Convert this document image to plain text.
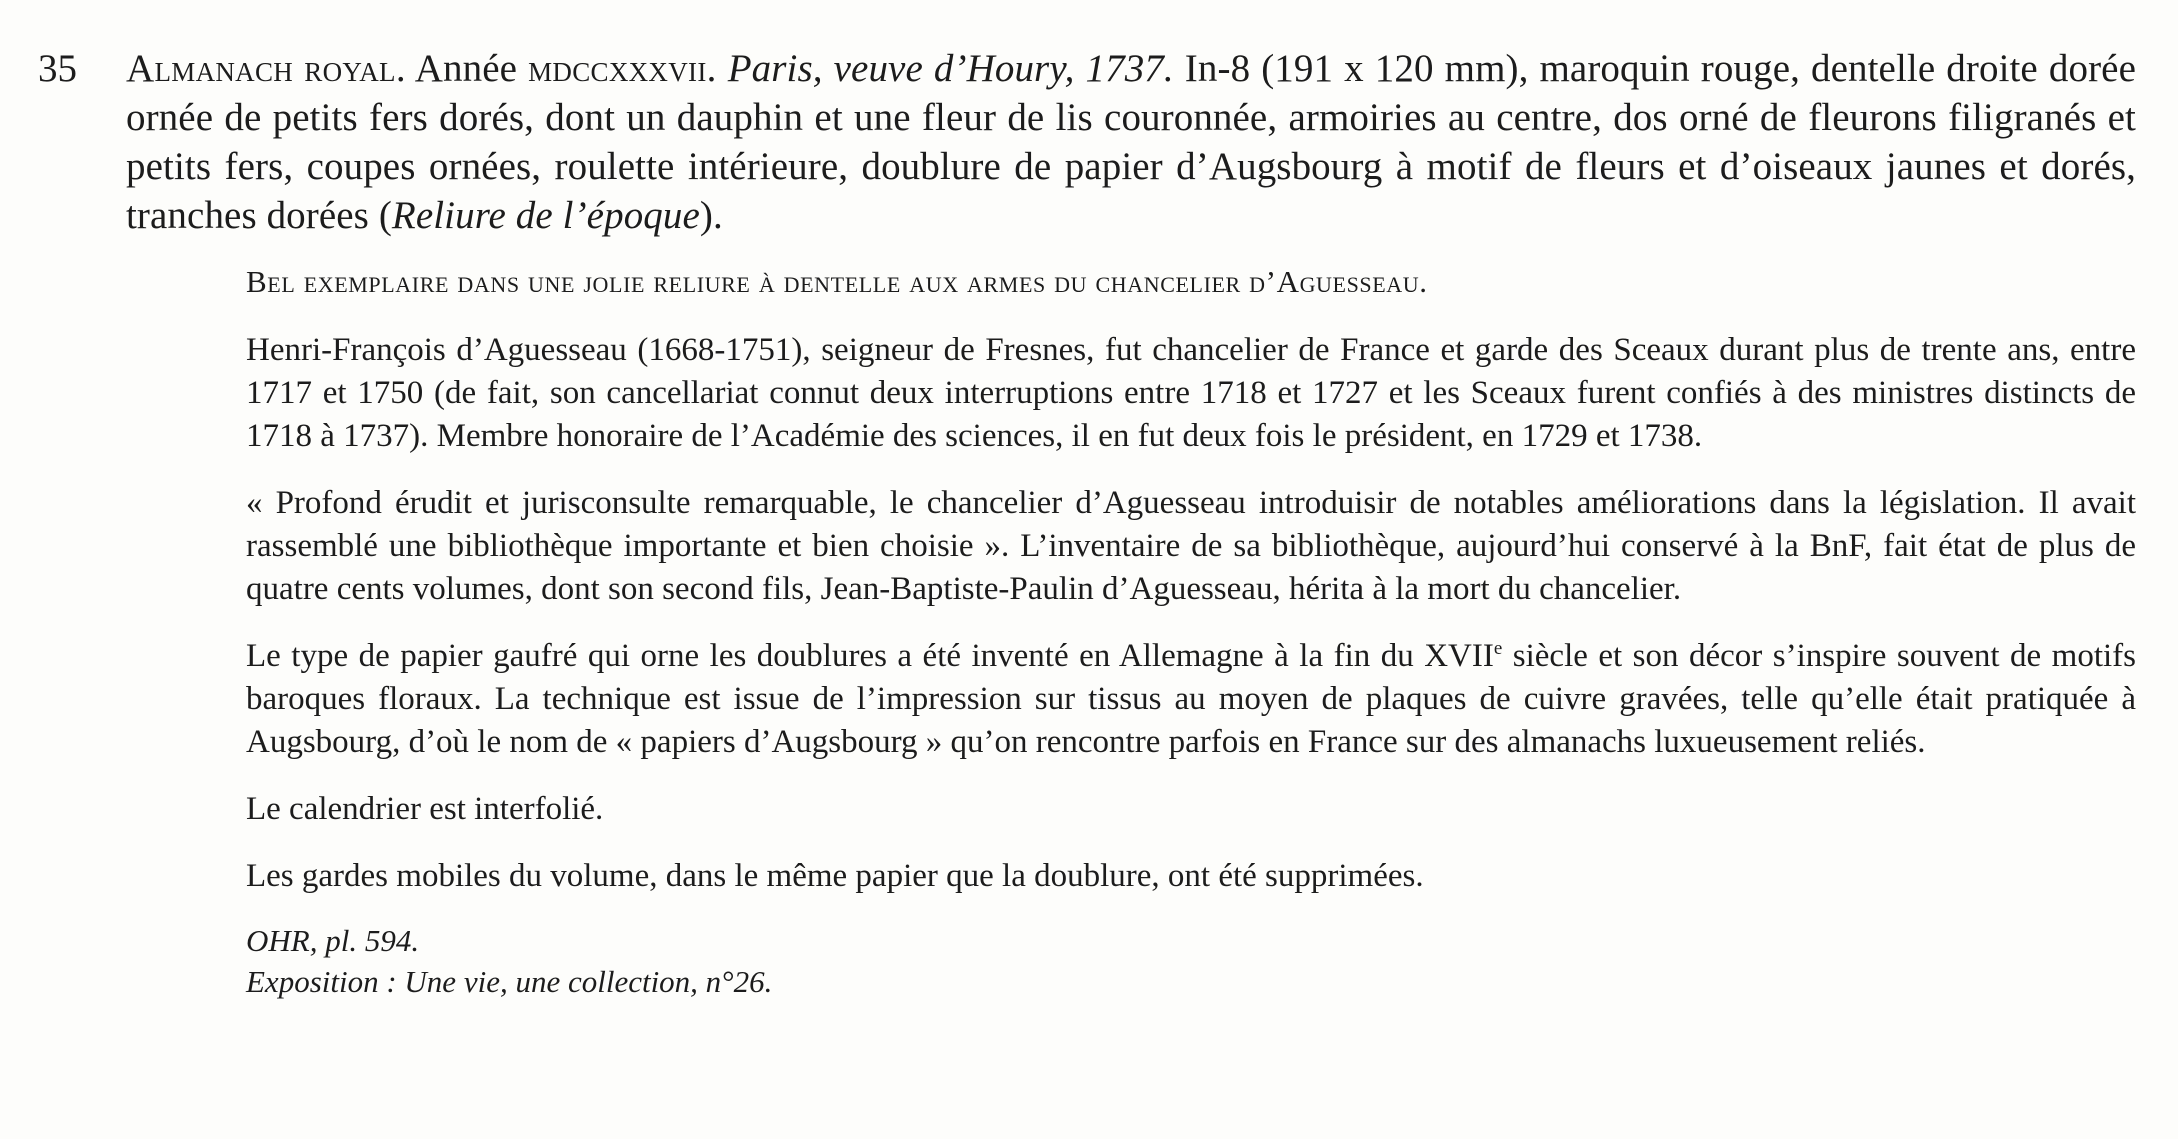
35 Almanach royal. Année mdccxxxvii. Paris, veuve d’Houry, 1737. In-8 (191 x 120 mm), maroquin rouge, dentelle droite dorée ornée de petits fers dorés, dont un dauphin et une fleur de lis couronnée, armoiries au centre, dos orné de fleurons filigranés et petits fers, coupes ornées, roulette intérieure, doublure de papier d’Augsbourg à motif de fleurs et d’oiseaux jaunes et dorés, tranches dorées (Reliure de l’époque).

Bel exemplaire dans une jolie reliure à dentelle aux armes du chancelier d’Aguesseau.

Henri-François d’Aguesseau (1668-1751), seigneur de Fresnes, fut chancelier de France et garde des Sceaux durant plus de trente ans, entre 1717 et 1750 (de fait, son cancellariat connut deux interruptions entre 1718 et 1727 et les Sceaux furent confiés à des ministres distincts de 1718 à 1737). Membre honoraire de l’Académie des sciences, il en fut deux fois le président, en 1729 et 1738.

« Profond érudit et jurisconsulte remarquable, le chancelier d’Aguesseau introduisir de notables améliorations dans la législation. Il avait rassemblé une bibliothèque importante et bien choisie ». L’inventaire de sa bibliothèque, aujourd’hui conservé à la BnF, fait état de plus de quatre cents volumes, dont son second fils, Jean-Baptiste-Paulin d’Aguesseau, hérita à la mort du chancelier.

Le type de papier gaufré qui orne les doublures a été inventé en Allemagne à la fin du XVIIe siècle et son décor s’inspire souvent de motifs baroques floraux. La technique est issue de l’impression sur tissus au moyen de plaques de cuivre gravées, telle qu’elle était pratiquée à Augsbourg, d’où le nom de « papiers d’Augsbourg » qu’on rencontre parfois en France sur des almanachs luxueusement reliés.

Le calendrier est interfolié.

Les gardes mobiles du volume, dans le même papier que la doublure, ont été supprimées.

OHR, pl. 594.

Exposition : Une vie, une collection, n°26.
